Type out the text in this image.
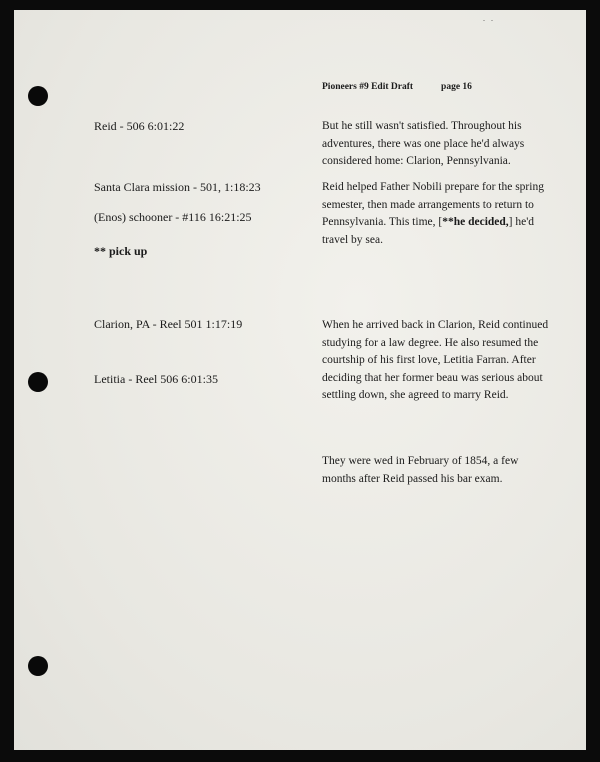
. .
Pioneers #9 Edit Draft	page 16
Reid - 506 6:01:22
Santa Clara mission - 501, 1:18:23
(Enos) schooner - #116 16:21:25
** pick up
Clarion, PA - Reel 501 1:17:19
Letitia - Reel 506 6:01:35
But he still wasn't satisfied. Throughout his adventures, there was one place he'd always considered home: Clarion, Pennsylvania.
Reid helped Father Nobili prepare for the spring semester, then made arrangements to return to Pennsylvania. This time, [**he decided,] he'd travel by sea.
When he arrived back in Clarion, Reid continued studying for a law degree. He also resumed the courtship of his first love, Letitia Farran. After deciding that her former beau was serious about settling down, she agreed to marry Reid.
They were wed in February of 1854, a few months after Reid passed his bar exam.
